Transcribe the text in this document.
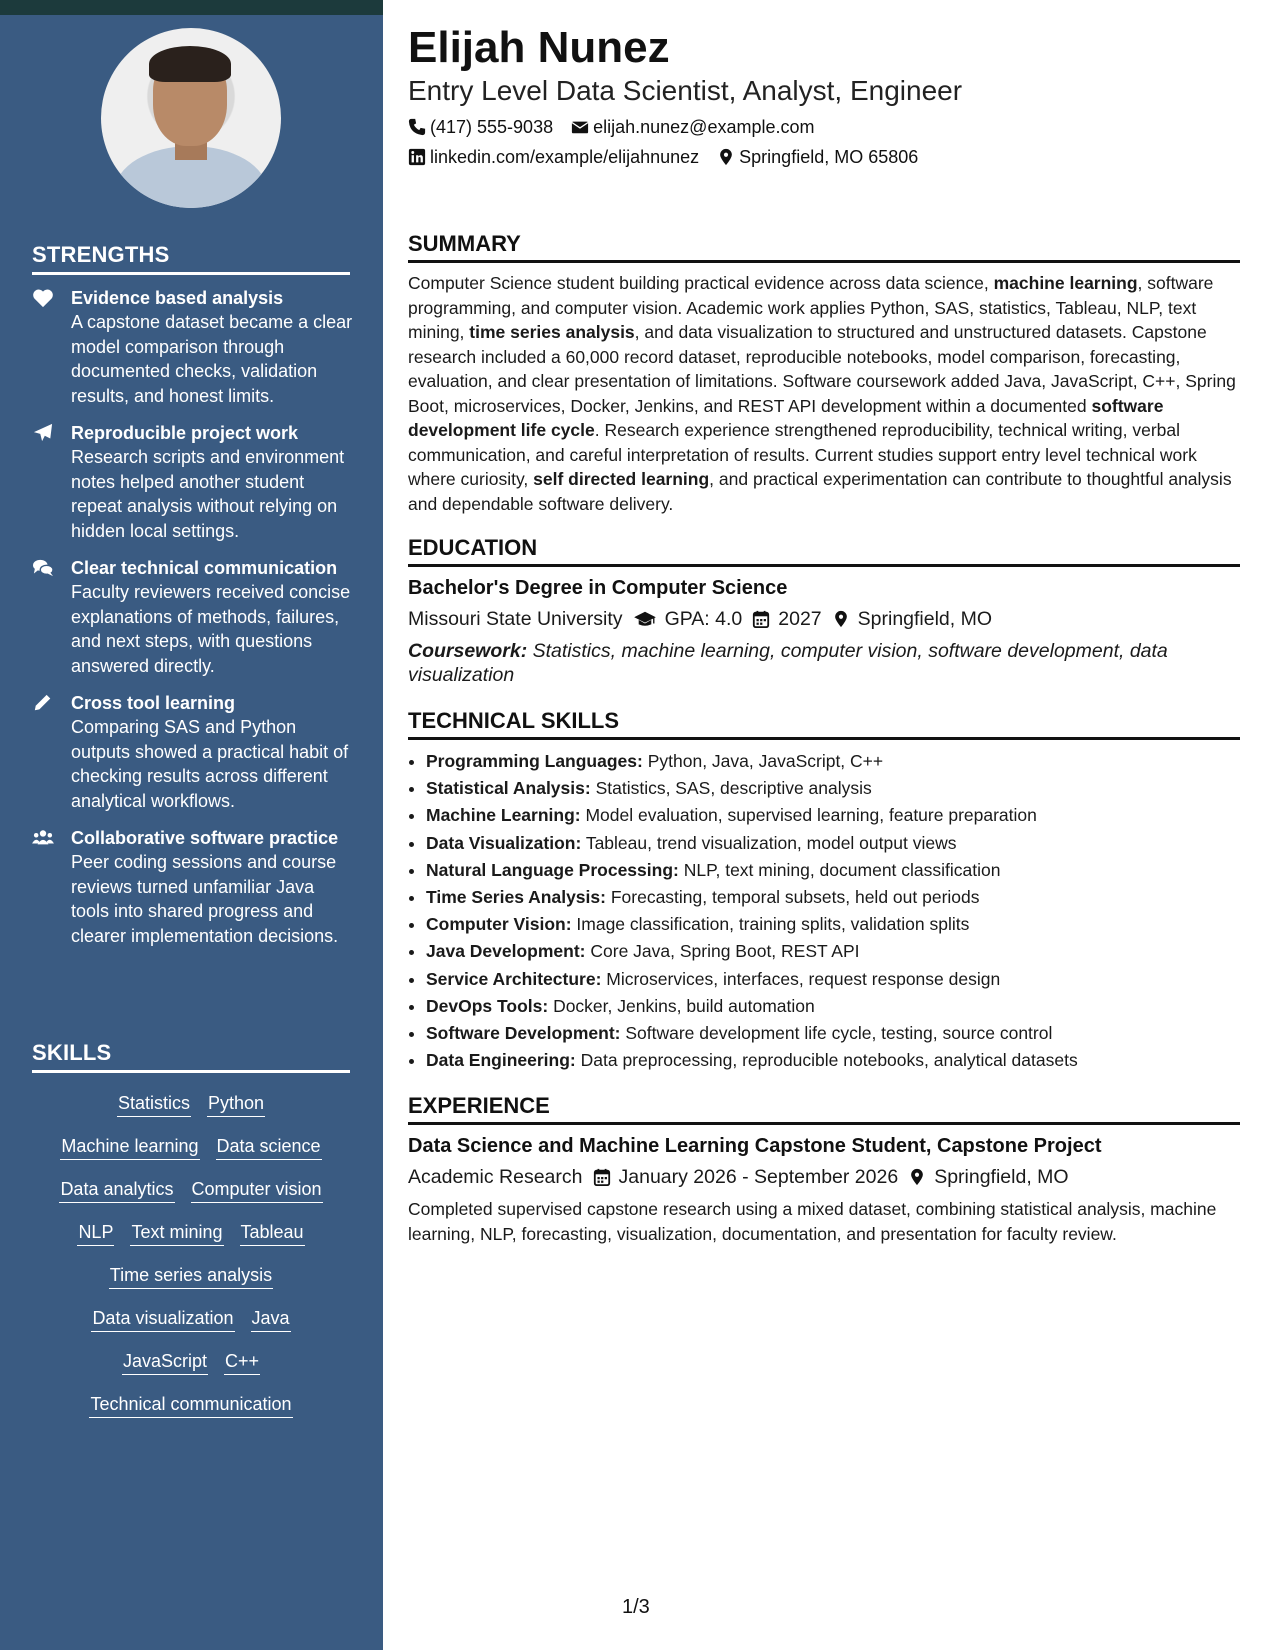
STRENGTHS
Evidence based analysis
A capstone dataset became a clear model comparison through documented checks, validation results, and honest limits.
Reproducible project work
Research scripts and environment notes helped another student repeat analysis without relying on hidden local settings.
Clear technical communication
Faculty reviewers received concise explanations of methods, failures, and next steps, with questions answered directly.
Cross tool learning
Comparing SAS and Python outputs showed a practical habit of checking results across different analytical workflows.
Collaborative software practice
Peer coding sessions and course reviews turned unfamiliar Java tools into shared progress and clearer implementation decisions.
SKILLS
Statistics Python
Machine learning Data science
Data analytics Computer vision
NLP Text mining Tableau
Time series analysis
Data visualization Java
JavaScript C++
Technical communication
Elijah Nunez
Entry Level Data Scientist, Analyst, Engineer
(417) 555-9038 elijah.nunez@example.com
linkedin.com/example/elijahnunez Springfield, MO 65806
SUMMARY

Computer Science student building practical evidence across data science, machine learning, software programming, and computer vision. Academic work applies Python, SAS, statistics, Tableau, NLP, text mining, time series analysis, and data visualization to structured and unstructured datasets. Capstone research included a 60,000 record dataset, reproducible notebooks, model comparison, forecasting, evaluation, and clear presentation of limitations. Software coursework added Java, JavaScript, C++, Spring Boot, microservices, Docker, Jenkins, and REST API development within a documented software development life cycle. Research experience strengthened reproducibility, technical writing, verbal communication, and careful interpretation of results. Current studies support entry level technical work where curiosity, self directed learning, and practical experimentation can contribute to thoughtful analysis and dependable software delivery.

EDUCATION
Bachelor's Degree in Computer Science
Missouri State University GPA: 4.0 2027 Springfield, MO
Coursework: Statistics, machine learning, computer vision, software development, data visualization
TECHNICAL SKILLS
• Programming Languages: Python, Java, JavaScript, C++
• Statistical Analysis: Statistics, SAS, descriptive analysis
• Machine Learning: Model evaluation, supervised learning, feature preparation
• Data Visualization: Tableau, trend visualization, model output views
• Natural Language Processing: NLP, text mining, document classification
• Time Series Analysis: Forecasting, temporal subsets, held out periods
• Computer Vision: Image classification, training splits, validation splits
• Java Development: Core Java, Spring Boot, REST API
• Service Architecture: Microservices, interfaces, request response design
• DevOps Tools: Docker, Jenkins, build automation
• Software Development: Software development life cycle, testing, source control
• Data Engineering: Data preprocessing, reproducible notebooks, analytical datasets
EXPERIENCE
Data Science and Machine Learning Capstone Student, Capstone Project
Academic Research January 2026 - September 2026 Springfield, MO

Completed supervised capstone research using a mixed dataset, combining statistical analysis, machine learning, NLP, forecasting, visualization, documentation, and presentation for faculty review.

1/3
